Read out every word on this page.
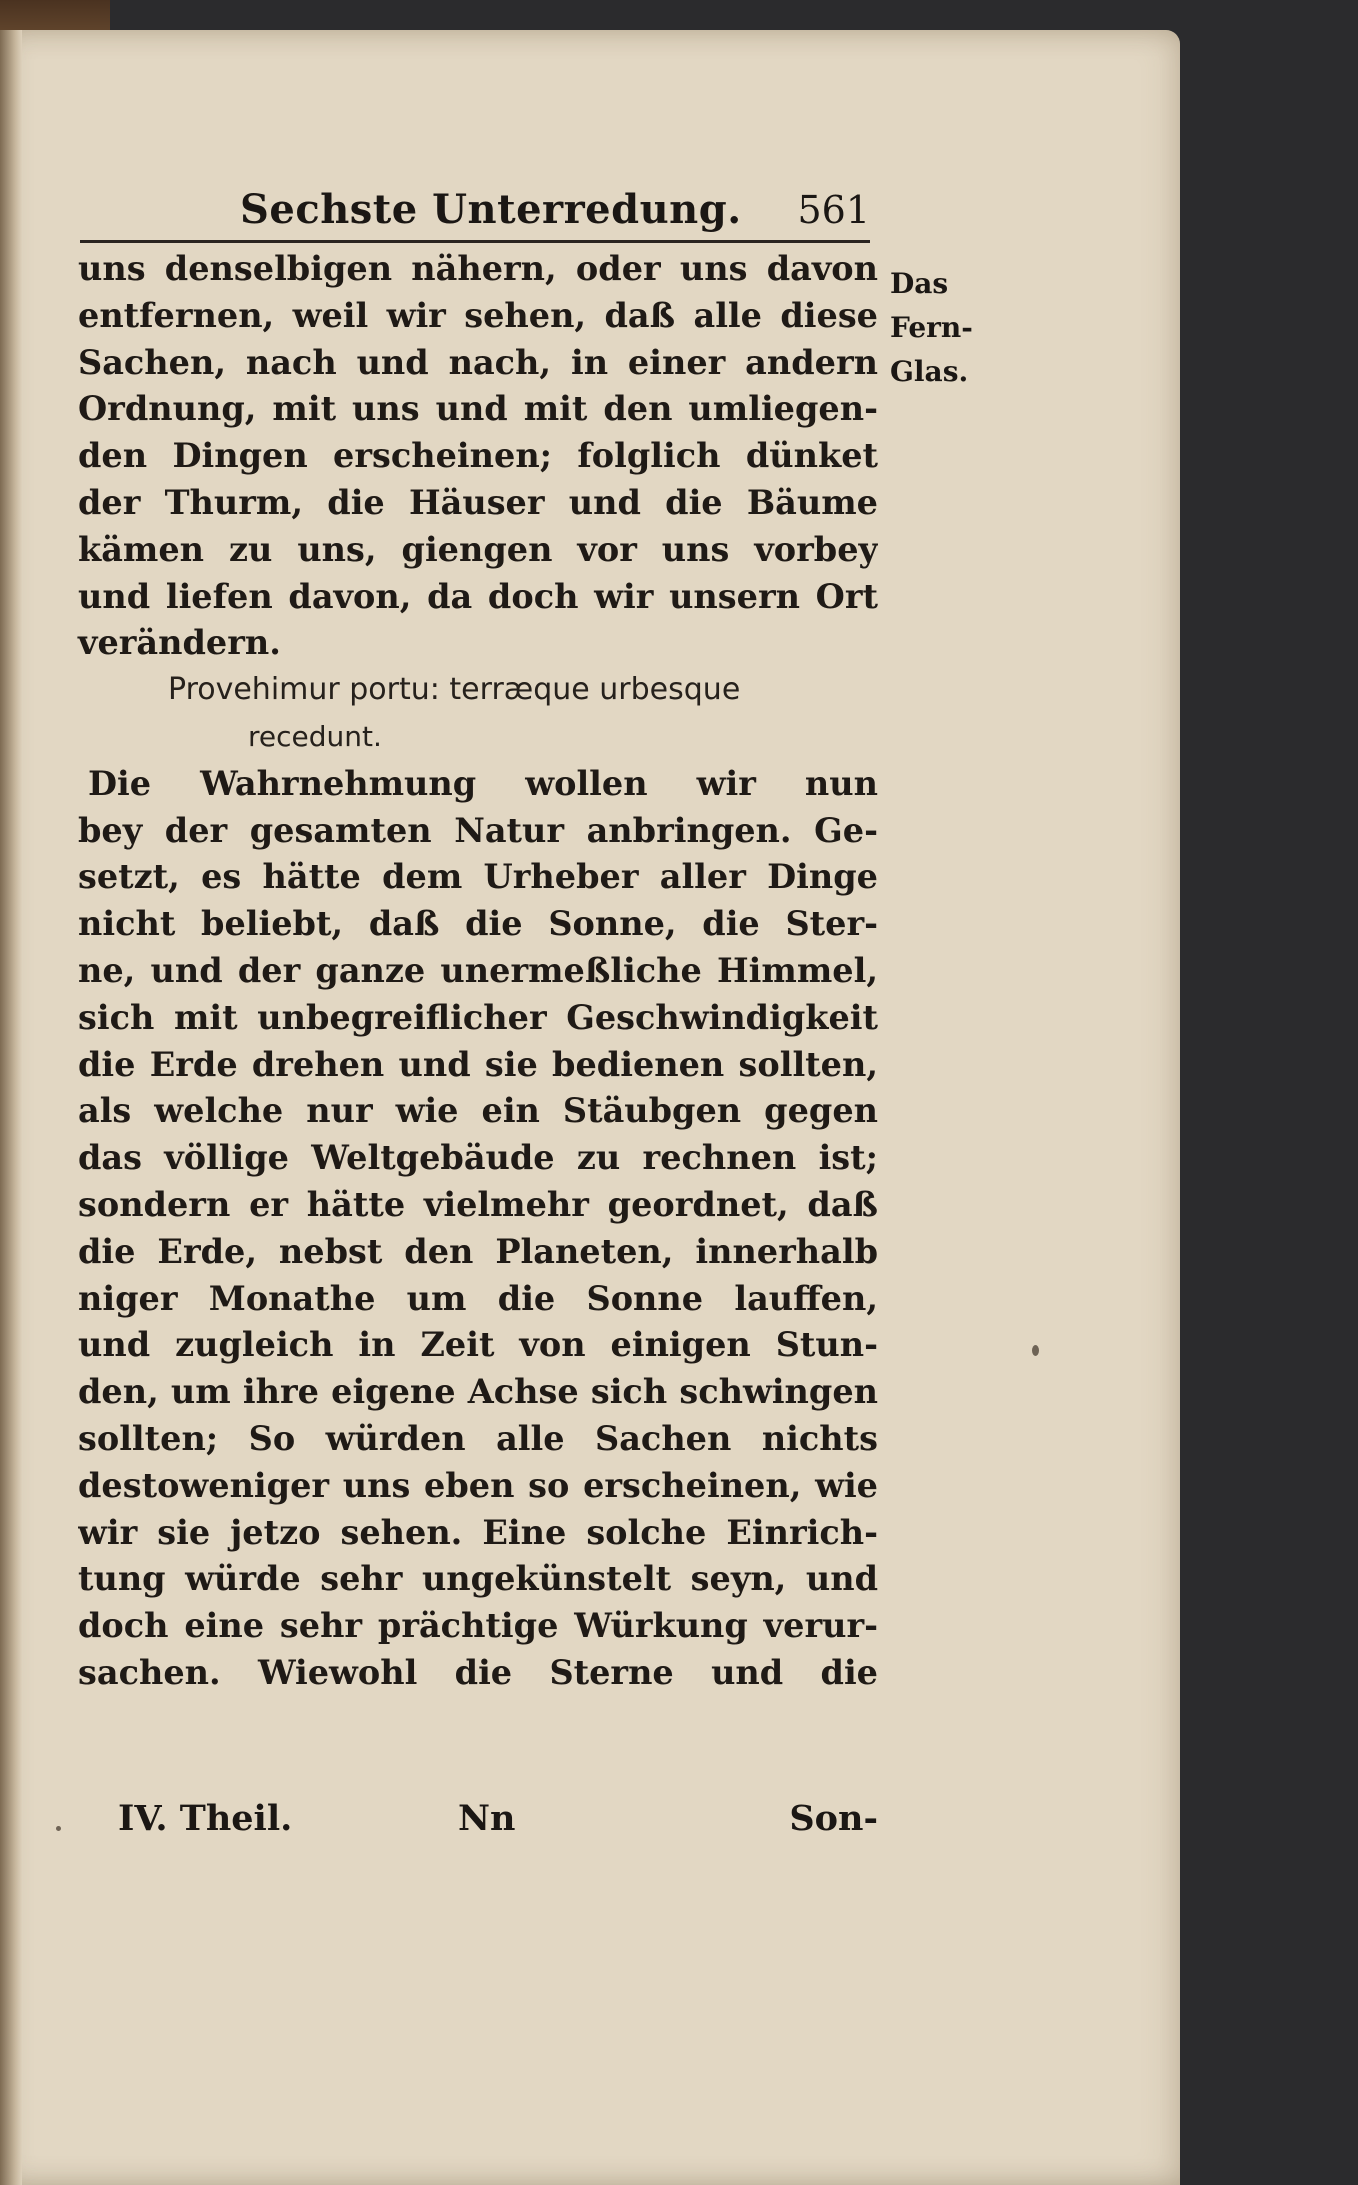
Sechste Unterredung. 561
Das
Fern-
Glas.
uns denselbigen nähern, oder uns davon
entfernen, weil wir sehen, daß alle diese
Sachen, nach und nach, in einer andern
Ordnung, mit uns und mit den umliegen-
den Dingen erscheinen; folglich dünket
der Thurm, die Häuser und die Bäume
kämen zu uns, giengen vor uns vorbey
und liefen davon, da doch wir unsern Ort
verändern.
Provehimur portu: terræque urbesque
recedunt.
Die Wahrnehmung wollen wir nun
bey der gesamten Natur anbringen. Ge-
setzt, es hätte dem Urheber aller Dinge
nicht beliebt, daß die Sonne, die Ster-
ne, und der ganze unermeßliche Himmel,
sich mit unbegreiflicher Geschwindigkeit
die Erde drehen und sie bedienen sollten,
als welche nur wie ein Stäubgen gegen
das völlige Weltgebäude zu rechnen ist;
sondern er hätte vielmehr geordnet, daß
die Erde, nebst den Planeten, innerhalb
niger Monathe um die Sonne lauffen,
und zugleich in Zeit von einigen Stun-
den, um ihre eigene Achse sich schwingen
sollten; So würden alle Sachen nichts
destoweniger uns eben so erscheinen, wie
wir sie jetzo sehen. Eine solche Einrich-
tung würde sehr ungekünstelt seyn, und
doch eine sehr prächtige Würkung verur-
sachen. Wiewohl die Sterne und die
IV. Theil.	Nn	Son-
